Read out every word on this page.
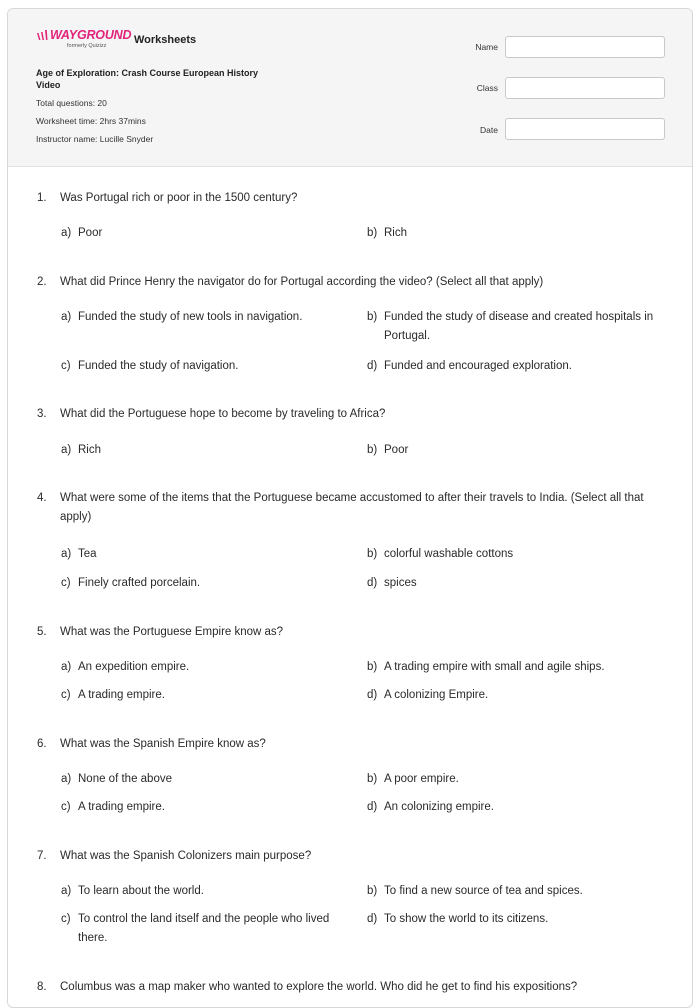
WAYGROUND
formerly Quizizz	Worksheets
Age of Exploration: Crash Course European History Video
Total questions: 20
Worksheet time: 2hrs 37mins
Instructor name: Lucille Snyder
Name
Class
Date
1.	Was Portugal rich or poor in the 1500 century?
a) Poor	b) Rich
2.	What did Prince Henry the navigator do for Portugal according the video? (Select all that apply)
a) Funded the study of new tools in navigation.	b) Funded the study of disease and created hospitals in Portugal.
c) Funded the study of navigation.	d) Funded and encouraged exploration.
3.	What did the Portuguese hope to become by traveling to Africa?
a) Rich	b) Poor
4.	What were some of the items that the Portuguese became accustomed to after their travels to India. (Select all that apply)
a) Tea	b) colorful washable cottons
c) Finely crafted porcelain.	d) spices
5.	What was the Portuguese Empire know as?
a) An expedition empire.	b) A trading empire with small and agile ships.
c) A trading empire.	d) A colonizing Empire.
6.	What was the Spanish Empire know as?
a) None of the above	b) A poor empire.
c) A trading empire.	d) An colonizing empire.
7.	What was the Spanish Colonizers main purpose?
a) To learn about the world.	b) To find a new source of tea and spices.
c) To control the land itself and the people who lived there.
d) To show the world to its citizens.
8.	Columbus was a map maker who wanted to explore the world. Who did he get to find his expositions?
